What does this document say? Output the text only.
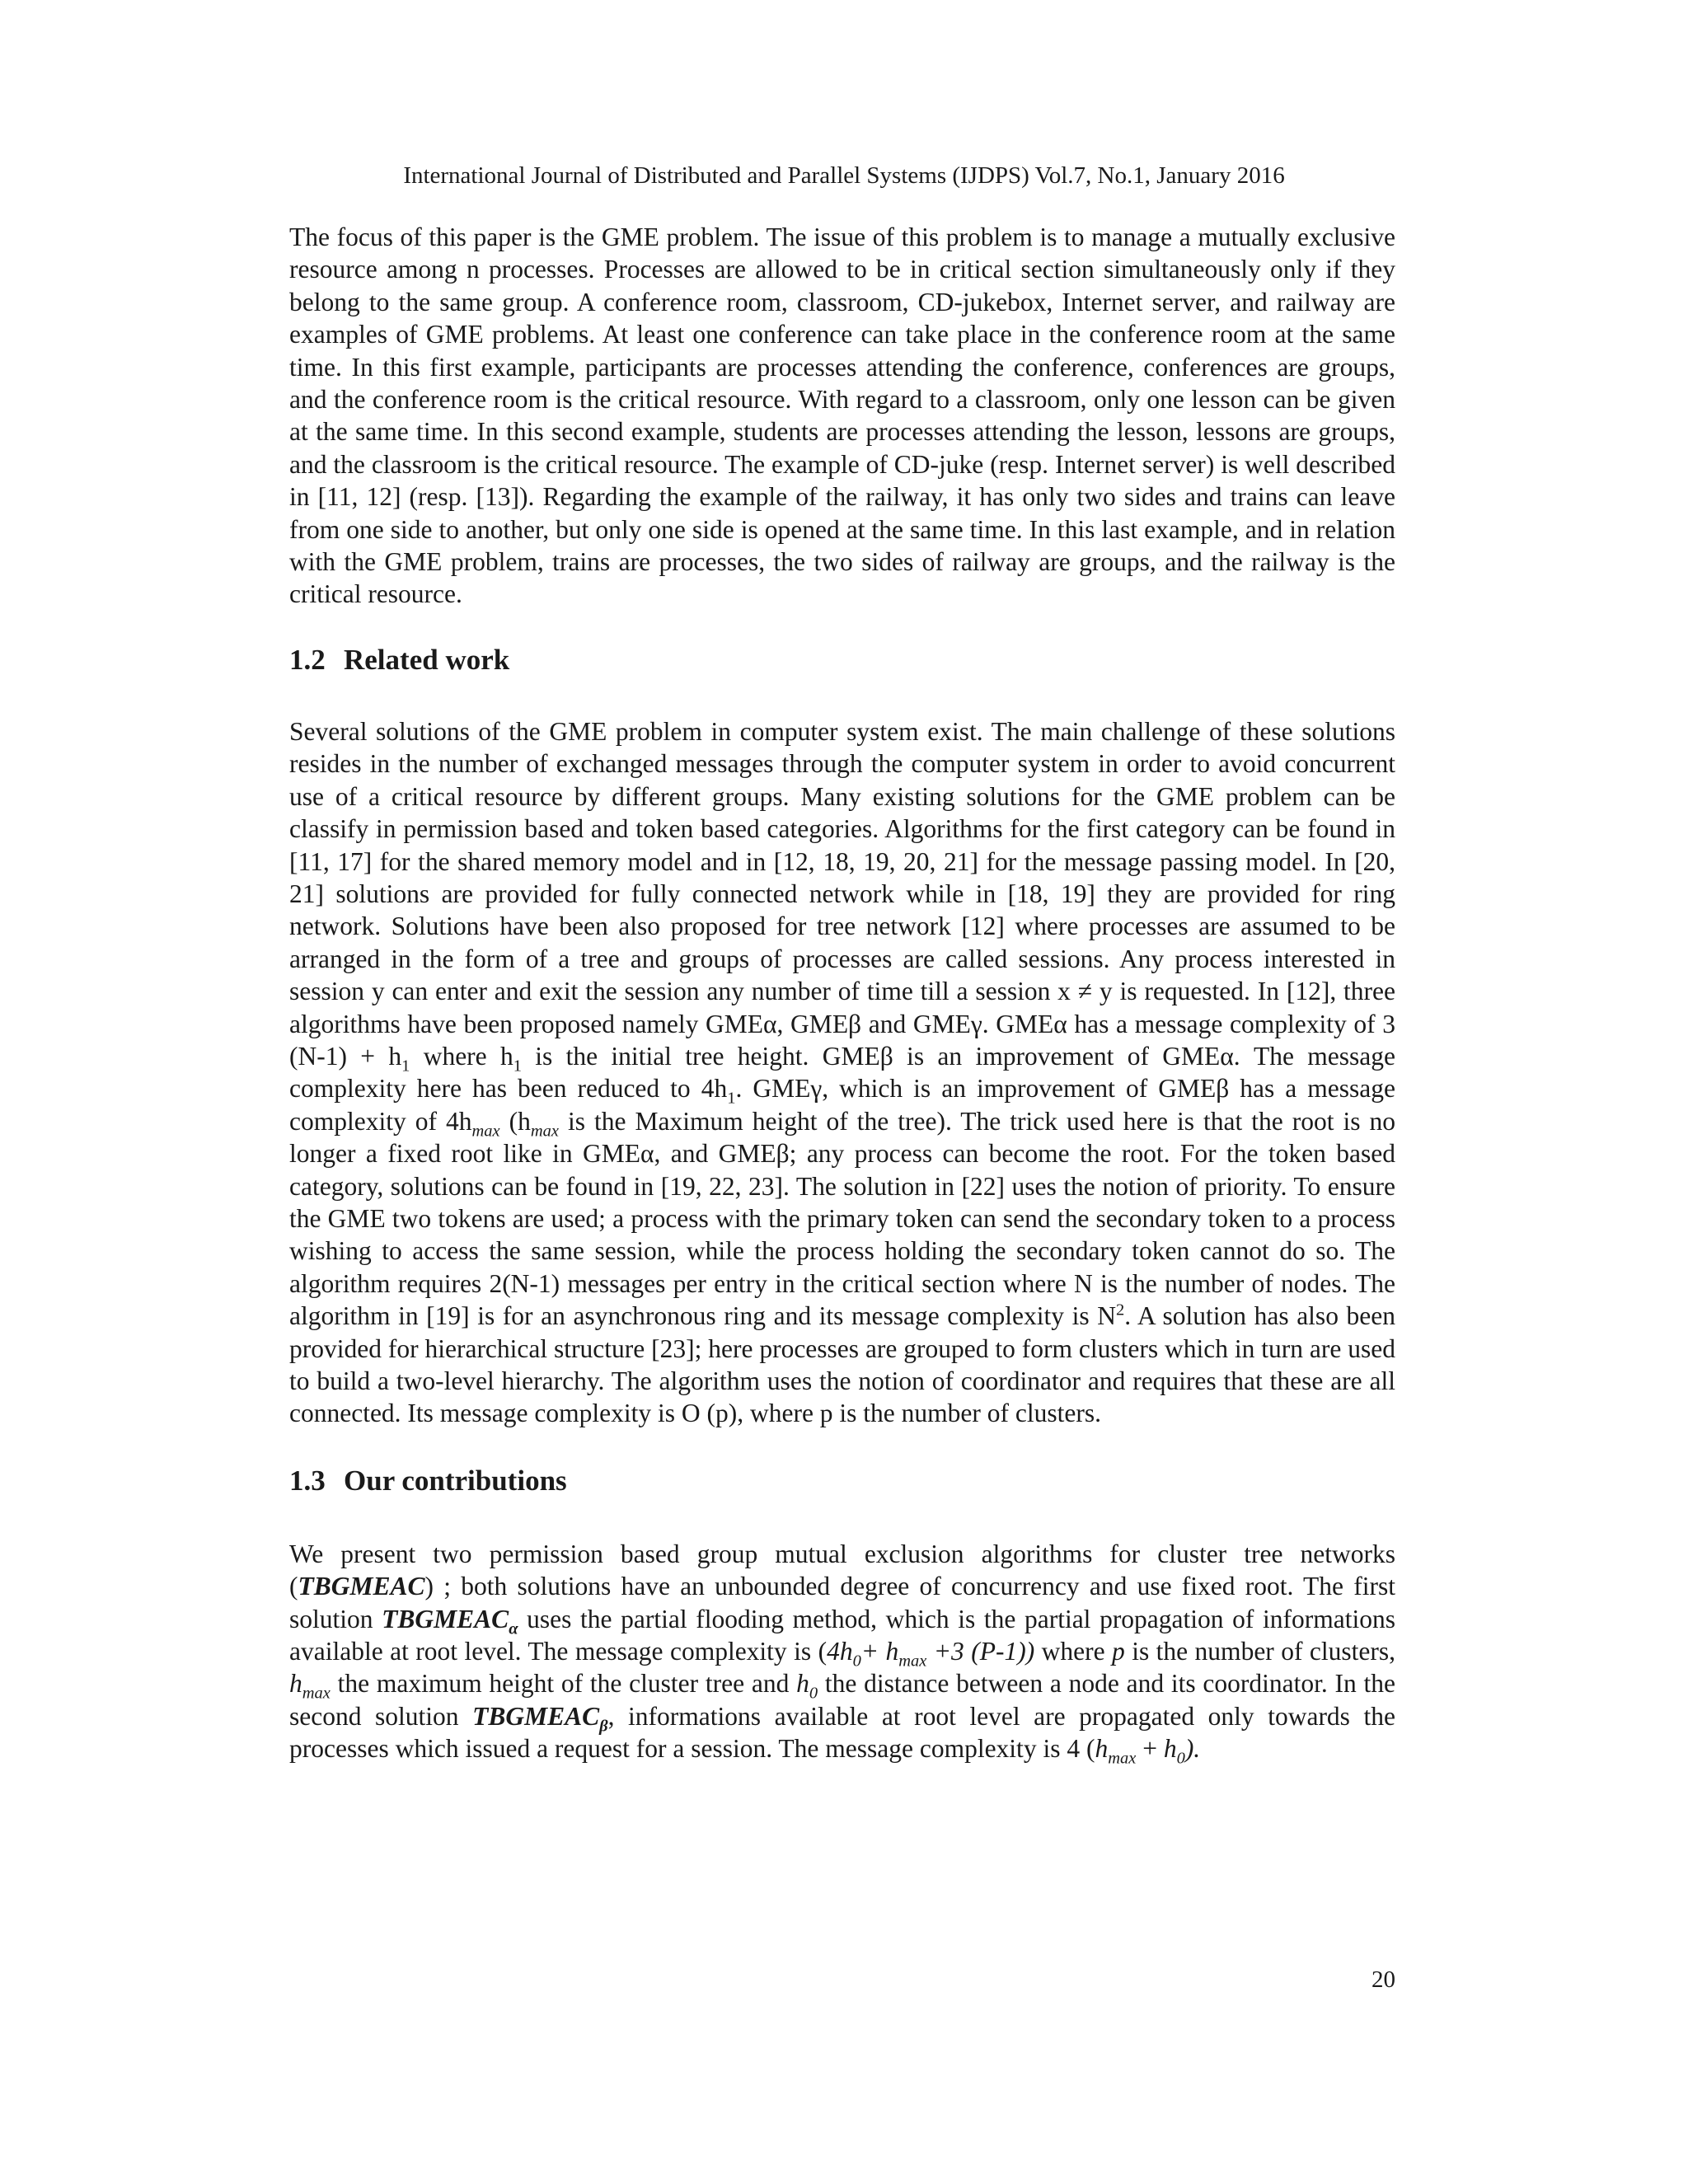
International Journal of Distributed and Parallel Systems (IJDPS) Vol.7, No.1, January 2016

The focus of this paper is the GME problem. The issue of this problem is to manage a mutually exclusive resource among n processes. Processes are allowed to be in critical section simultaneously only if they belong to the same group. A conference room, classroom, CD-jukebox, Internet server, and railway are examples of GME problems. At least one conference can take place in the conference room at the same time. In this first example, participants are processes attending the conference, conferences are groups, and the conference room is the critical resource. With regard to a classroom, only one lesson can be given at the same time. In this second example, students are processes attending the lesson, lessons are groups, and the classroom is the critical resource. The example of CD-juke (resp. Internet server) is well described in [11, 12] (resp. [13]). Regarding the example of the railway, it has only two sides and trains can leave from one side to another, but only one side is opened at the same time. In this last example, and in relation with the GME problem, trains are processes, the two sides of railway are groups, and the railway is the critical resource.

1.2 Related work

Several solutions of the GME problem in computer system exist. The main challenge of these solutions resides in the number of exchanged messages through the computer system in order to avoid concurrent use of a critical resource by different groups. Many existing solutions for the GME problem can be classify in permission based and token based categories. Algorithms for the first category can be found in [11, 17] for the shared memory model and in [12, 18, 19, 20, 21] for the message passing model. In [20, 21] solutions are provided for fully connected network while in [18, 19] they are provided for ring network. Solutions have been also proposed for tree network [12] where processes are assumed to be arranged in the form of a tree and groups of processes are called sessions. Any process interested in session y can enter and exit the session any number of time till a session x ≠ y is requested. In [12], three algorithms have been proposed namely GMEα, GMEβ and GMEγ. GMEα has a message complexity of 3 $(N-1) + h_1$ where $h_1$ is the initial tree height. GMEβ is an improvement of GMEα. The message complexity here has been reduced to $4h_1$. GMEγ, which is an improvement of GMEβ has a message complexity of $4h_{max}$ ($h_{max}$ is the Maximum height of the tree). The trick used here is that the root is no longer a fixed root like in GMEα, and GMEβ; any process can become the root. For the token based category, solutions can be found in [19, 22, 23]. The solution in [22] uses the notion of priority. To ensure the GME two tokens are used; a process with the primary token can send the secondary token to a process wishing to access the same session, while the process holding the secondary token cannot do so. The algorithm requires 2(N-1) messages per entry in the critical section where N is the number of nodes. The algorithm in [19] is for an asynchronous ring and its message complexity is $N^2$. A solution has also been provided for hierarchical structure [23]; here processes are grouped to form clusters which in turn are used to build a two-level hierarchy. The algorithm uses the notion of coordinator and requires that these are all connected. Its message complexity is O (p), where p is the number of clusters.

1.3 Our contributions

We present two permission based group mutual exclusion algorithms for cluster tree networks (TBGMEAC) ; both solutions have an unbounded degree of concurrency and use fixed root. The first solution $TBGMEAC_\alpha$ uses the partial flooding method, which is the partial propagation of informations available at root level. The message complexity is ($4h_0+ h_{max} +3$ (P-1)) where p is the number of clusters, $h_{max}$ the maximum height of the cluster tree and $h_0$ the distance between a node and its coordinator. In the second solution $TBGMEAC_\beta$, informations available at root level are propagated only towards the processes which issued a request for a session. The message complexity is 4 $(h_{max} + h_0)$.

20
